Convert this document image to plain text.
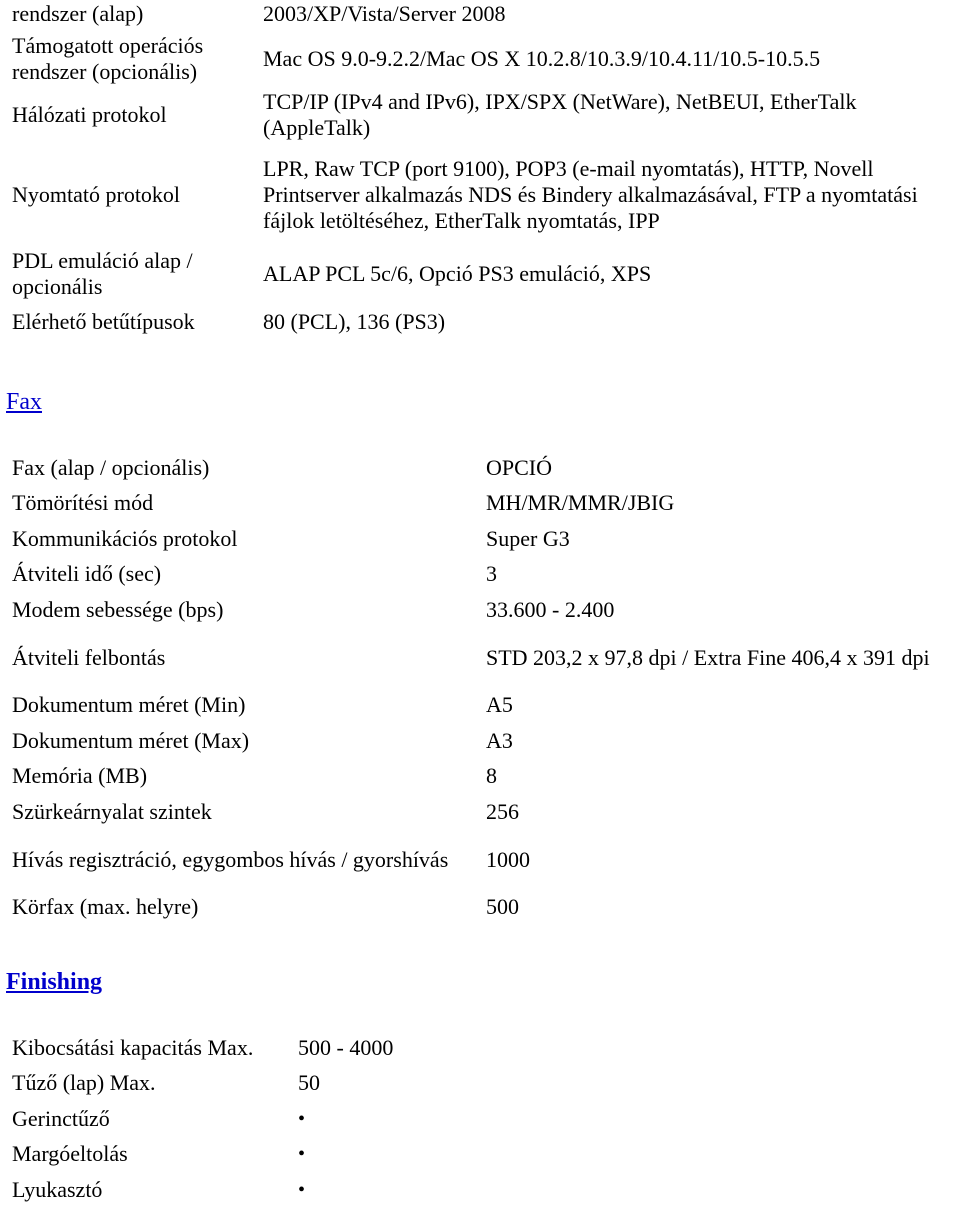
rendszer (alap)	2003/XP/Vista/Server 2008
Támogatott operációs rendszer (opcionális)	Mac OS 9.0-9.2.2/Mac OS X 10.2.8/10.3.9/10.4.11/10.5-10.5.5
Hálózati protokol	TCP/IP (IPv4 and IPv6), IPX/SPX (NetWare), NetBEUI, EtherTalk (AppleTalk)
Nyomtató protokol	LPR, Raw TCP (port 9100), POP3 (e-mail nyomtatás), HTTP, Novell Printserver alkalmazás NDS és Bindery alkalmazásával, FTP a nyomtatási fájlok letöltéséhez, EtherTalk nyomtatás, IPP
PDL emuláció alap / opcionális	ALAP PCL 5c/6, Opció PS3 emuláció, XPS
Elérhető betűtípusok	80 (PCL), 136 (PS3)
Fax
Fax (alap / opcionális)	OPCIÓ
Tömörítési mód	MH/MR/MMR/JBIG
Kommunikációs protokol	Super G3
Átviteli idő (sec)	3
Modem sebessége (bps)	33.600 - 2.400
Átviteli felbontás	STD 203,2 x 97,8 dpi / Extra Fine 406,4 x 391 dpi
Dokumentum méret (Min)	A5
Dokumentum méret (Max)	A3
Memória (MB)	8
Szürkeárnyalat szintek	256
Hívás regisztráció, egygombos hívás / gyorshívás	1000
Körfax (max. helyre)	500
Finishing
Kibocsátási kapacitás Max.	500 - 4000
Tűző (lap) Max.	50
Gerinctűző	•
Margóeltolás	•
Lyukasztó	•
